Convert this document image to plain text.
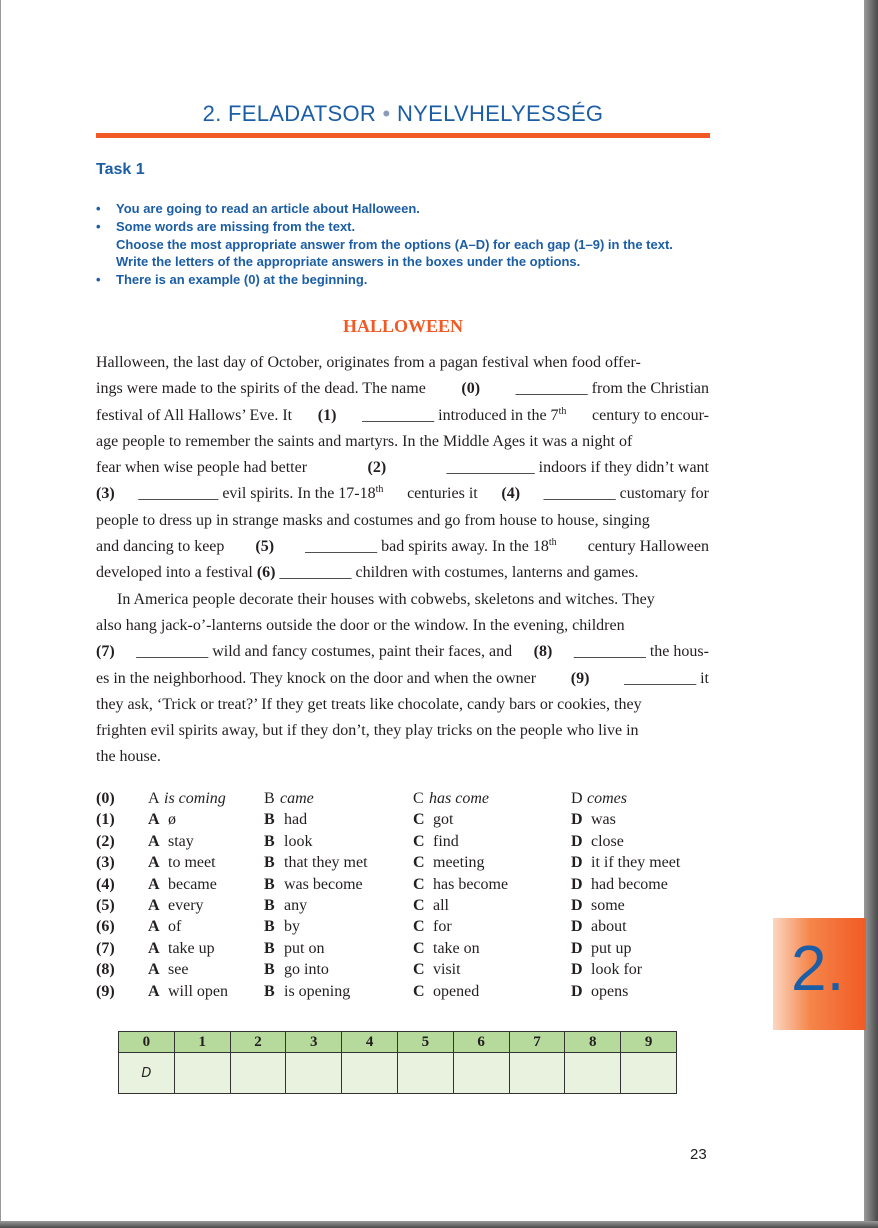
2. FELADATSOR • NYELVHELYESSÉG
Task 1
• You are going to read an article about Halloween.
• Some words are missing from the text.
Choose the most appropriate answer from the options (A–D) for each gap (1–9) in the text.
Write the letters of the appropriate answers in the boxes under the options.
• There is an example (0) at the beginning.
HALLOWEEN
Halloween, the last day of October, originates from a pagan festival when food offer-
ings were made to the spirits of the dead. The name (0) _________ from the Christian
festival of All Hallows’ Eve. It (1) _________ introduced in the 7th century to encour-
age people to remember the saints and martyrs. In the Middle Ages it was a night of
fear when wise people had better	(2)	___________ indoors if they didn’t want
(3) __________ evil spirits. In the 17-18th centuries it (4) _________ customary for
people to dress up in strange masks and costumes and go from house to house, singing
and dancing to keep (5) _________ bad spirits away. In the 18th century Halloween
developed into a festival (6) _________ children with costumes, lanterns and games.
In America people decorate their houses with cobwebs, skeletons and witches. They
also hang jack-o’-lanterns outside the door or the window. In the evening, children
(7) _________ wild and fancy costumes, paint their faces, and (8) _________ the hous-
es in the neighborhood. They knock on the door and when the owner (9) _________ it
they ask, ‘Trick or treat?’ If they get treats like chocolate, candy bars or cookies, they
frighten evil spirits away, but if they don’t, they play tricks on the people who live in
the house.
(0) A is coming B came	C has come	D comes
(1) A ø	B had	C got	D was
(2) A stay	B look	C find	D close
(3) A to meet	B that they met	C meeting	D it if they meet
(4) A became	B was become	C has become	D had become
(5) A every	B any	C all	D some
(6) A of	B by	C for	D about
(7) A take up	B put on	C take on	D put up
(8) A see	B go into	C visit	D look for
(9) A will open B is opening	C opened	D opens
0	1	2	3	4	5	6	7	8	9
D									
2.
23
